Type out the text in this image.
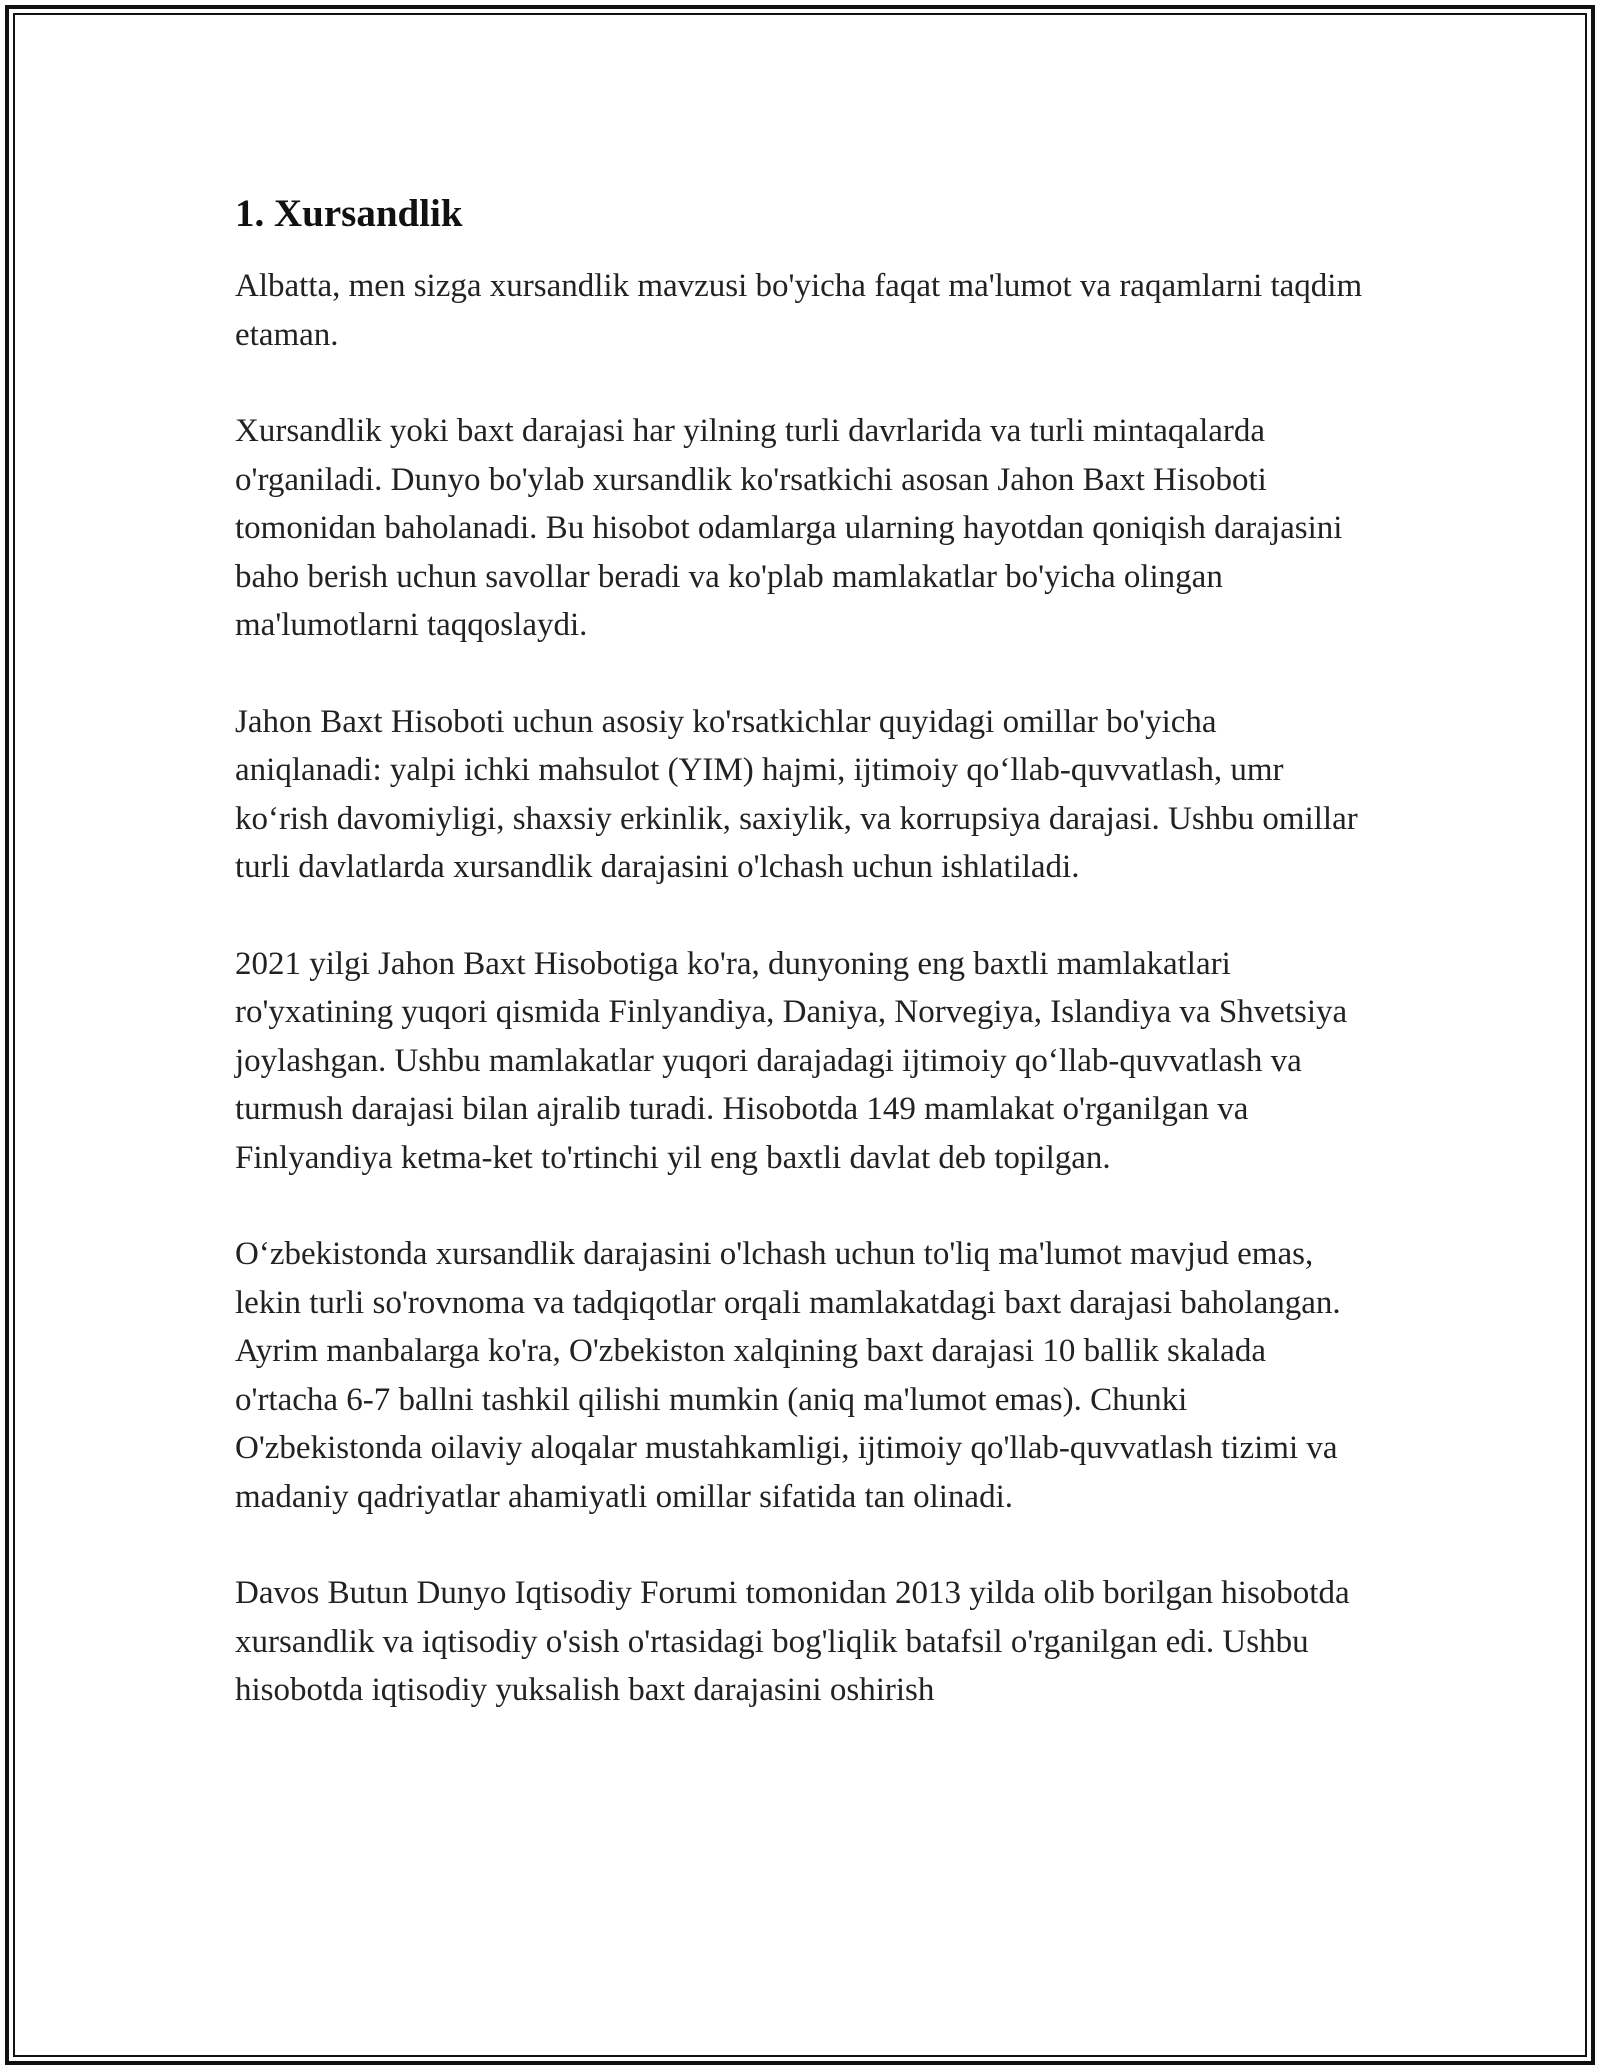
1. Xursandlik

Albatta, men sizga xursandlik mavzusi bo'yicha faqat ma'lumot va raqamlarni taqdim etaman.

Xursandlik yoki baxt darajasi har yilning turli davrlarida va turli mintaqalarda o'rganiladi. Dunyo bo'ylab xursandlik ko'rsatkichi asosan Jahon Baxt Hisoboti tomonidan baholanadi. Bu hisobot odamlarga ularning hayotdan qoniqish darajasini baho berish uchun savollar beradi va ko'plab mamlakatlar bo'yicha olingan ma'lumotlarni taqqoslaydi.

Jahon Baxt Hisoboti uchun asosiy ko'rsatkichlar quyidagi omillar bo'yicha aniqlanadi: yalpi ichki mahsulot (YIM) hajmi, ijtimoiy qo‘llab-quvvatlash, umr ko‘rish davomiyligi, shaxsiy erkinlik, saxiylik, va korrupsiya darajasi. Ushbu omillar turli davlatlarda xursandlik darajasini o'lchash uchun ishlatiladi.

2021 yilgi Jahon Baxt Hisobotiga ko'ra, dunyoning eng baxtli mamlakatlari ro'yxatining yuqori qismida Finlyandiya, Daniya, Norvegiya, Islandiya va Shvetsiya joylashgan. Ushbu mamlakatlar yuqori darajadagi ijtimoiy qo‘llab-quvvatlash va turmush darajasi bilan ajralib turadi. Hisobotda 149 mamlakat o'rganilgan va Finlyandiya ketma-ket to'rtinchi yil eng baxtli davlat deb topilgan.

O‘zbekistonda xursandlik darajasini o'lchash uchun to'liq ma'lumot mavjud emas, lekin turli so'rovnoma va tadqiqotlar orqali mamlakatdagi baxt darajasi baholangan. Ayrim manbalarga ko'ra, O'zbekiston xalqining baxt darajasi 10 ballik skalada o'rtacha 6-7 ballni tashkil qilishi mumkin (aniq ma'lumot emas). Chunki O'zbekistonda oilaviy aloqalar mustahkamligi, ijtimoiy qo'llab-quvvatlash tizimi va madaniy qadriyatlar ahamiyatli omillar sifatida tan olinadi.

Davos Butun Dunyo Iqtisodiy Forumi tomonidan 2013 yilda olib borilgan hisobotda xursandlik va iqtisodiy o'sish o'rtasidagi bog'liqlik batafsil o'rganilgan edi. Ushbu hisobotda iqtisodiy yuksalish baxt darajasini oshirish
